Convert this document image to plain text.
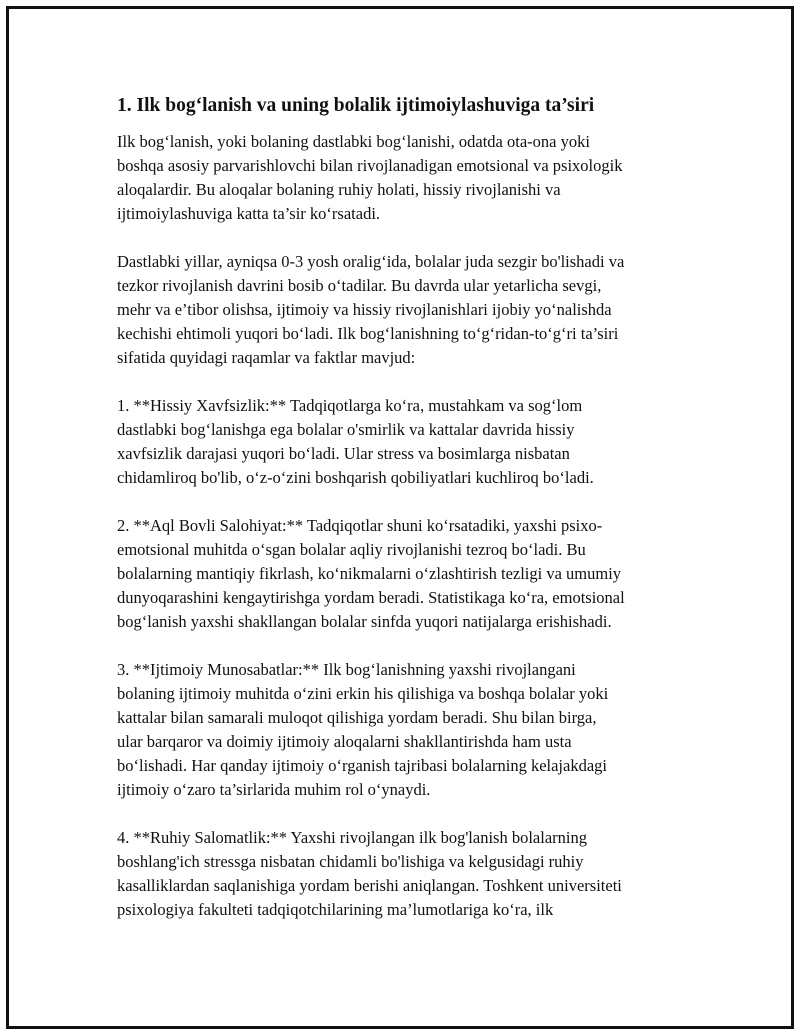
1. Ilk bog‘lanish va uning bolalik ijtimoiylashuviga ta’siri

Ilk bog‘lanish, yoki bolaning dastlabki bog‘lanishi, odatda ota-ona yoki
boshqa asosiy parvarishlovchi bilan rivojlanadigan emotsional va psixologik
aloqalardir. Bu aloqalar bolaning ruhiy holati, hissiy rivojlanishi va
ijtimoiylashuviga katta ta’sir ko‘rsatadi.

Dastlabki yillar, ayniqsa 0-3 yosh oralig‘ida, bolalar juda sezgir bo'lishadi va
tezkor rivojlanish davrini bosib o‘tadilar. Bu davrda ular yetarlicha sevgi,
mehr va e’tibor olishsa, ijtimoiy va hissiy rivojlanishlari ijobiy yo‘nalishda
kechishi ehtimoli yuqori bo‘ladi. Ilk bog‘lanishning to‘g‘ridan-to‘g‘ri ta’siri
sifatida quyidagi raqamlar va faktlar mavjud:

1. **Hissiy Xavfsizlik:** Tadqiqotlarga ko‘ra, mustahkam va sog‘lom
dastlabki bog‘lanishga ega bolalar o'smirlik va kattalar davrida hissiy
xavfsizlik darajasi yuqori bo‘ladi. Ular stress va bosimlarga nisbatan
chidamliroq bo'lib, o‘z-o‘zini boshqarish qobiliyatlari kuchliroq bo‘ladi.

2. **Aql Bovli Salohiyat:** Tadqiqotlar shuni ko‘rsatadiki, yaxshi psixo-
emotsional muhitda o‘sgan bolalar aqliy rivojlanishi tezroq bo‘ladi. Bu
bolalarning mantiqiy fikrlash, ko‘nikmalarni o‘zlashtirish tezligi va umumiy
dunyoqarashini kengaytirishga yordam beradi. Statistikaga ko‘ra, emotsional
bog‘lanish yaxshi shakllangan bolalar sinfda yuqori natijalarga erishishadi.

3. **Ijtimoiy Munosabatlar:** Ilk bog‘lanishning yaxshi rivojlangani
bolaning ijtimoiy muhitda o‘zini erkin his qilishiga va boshqa bolalar yoki
kattalar bilan samarali muloqot qilishiga yordam beradi. Shu bilan birga,
ular barqaror va doimiy ijtimoiy aloqalarni shakllantirishda ham usta
bo‘lishadi. Har qanday ijtimoiy o‘rganish tajribasi bolalarning kelajakdagi
ijtimoiy o‘zaro ta’sirlarida muhim rol o‘ynaydi.

4. **Ruhiy Salomatlik:** Yaxshi rivojlangan ilk bog'lanish bolalarning
boshlang'ich stressga nisbatan chidamli bo'lishiga va kelgusidagi ruhiy
kasalliklardan saqlanishiga yordam berishi aniqlangan. Toshkent universiteti
psixologiya fakulteti tadqiqotchilarining ma’lumotlariga ko‘ra, ilk
